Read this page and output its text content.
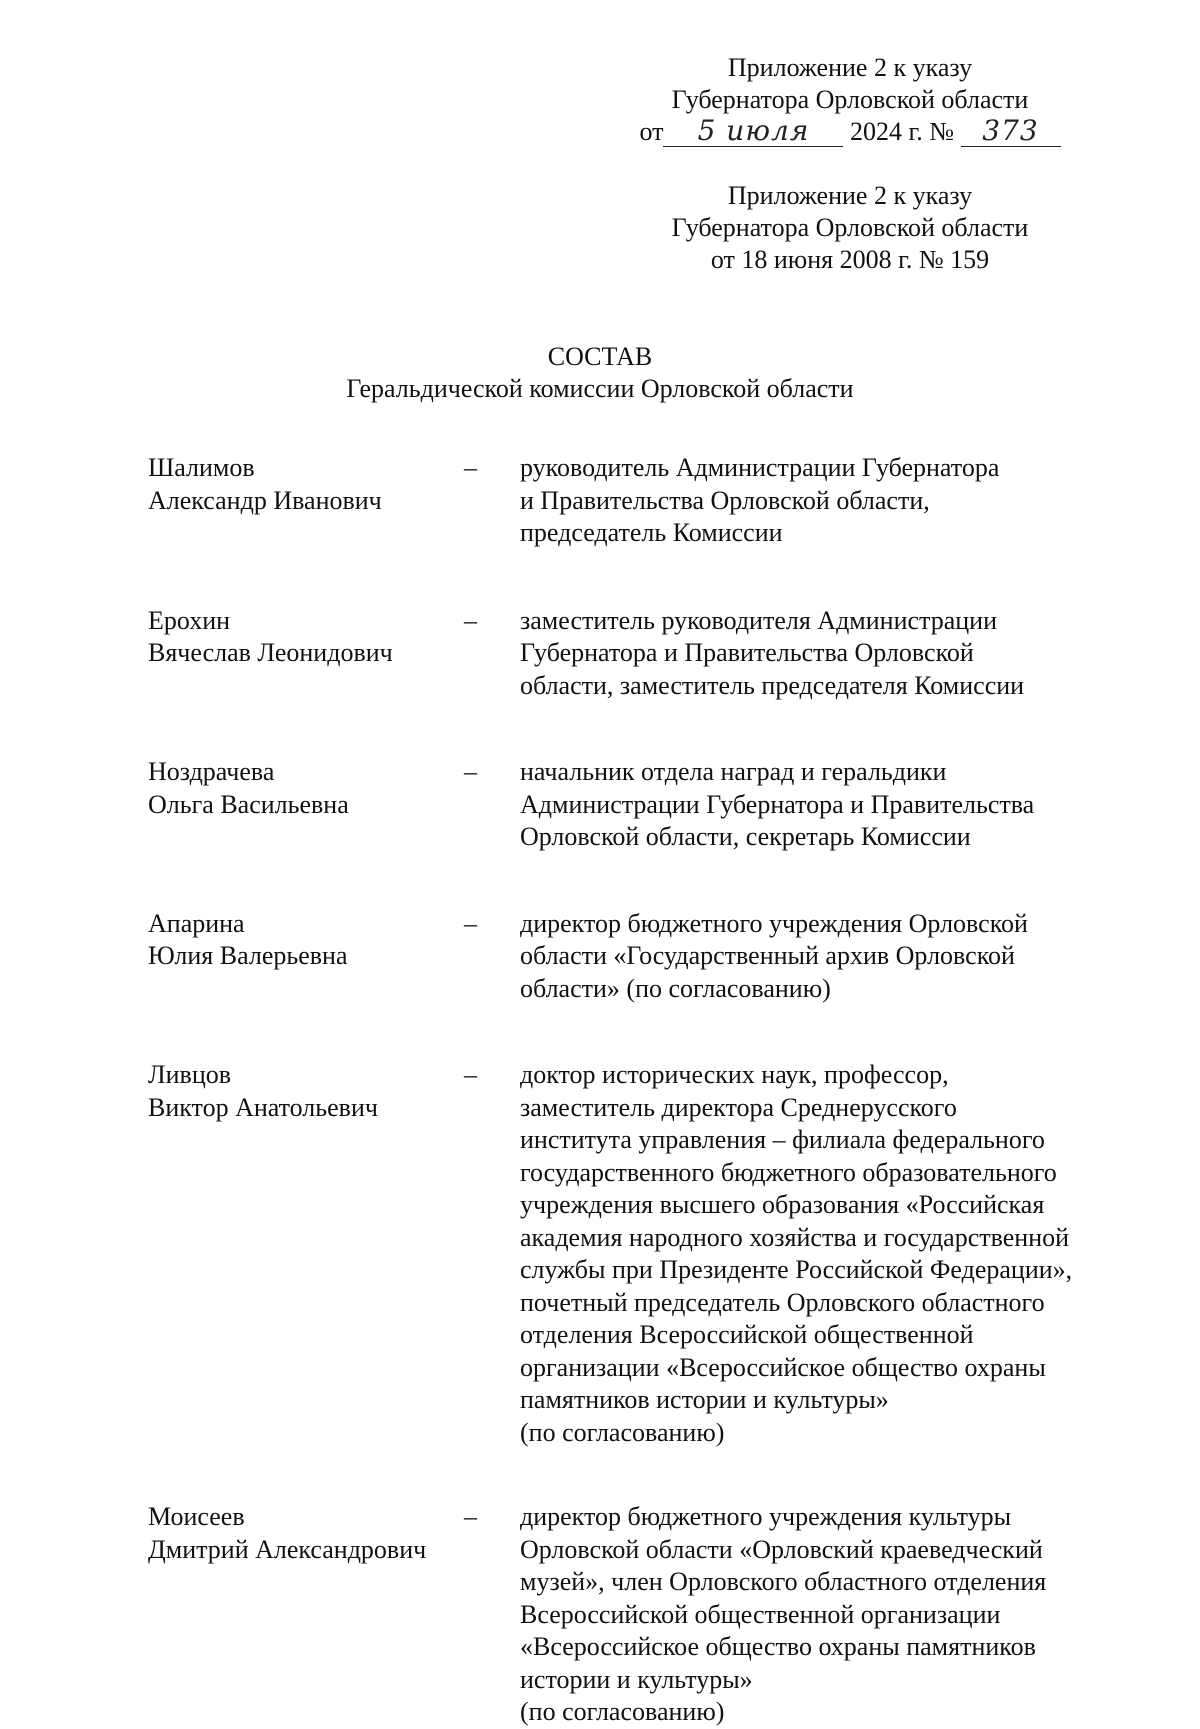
Приложение 2 к указу
Губернатора Орловской области
от 5 июля 2024 г. № 373
Приложение 2 к указу
Губернатора Орловской области
от 18 июня 2008 г. № 159
СОСТАВ
Геральдической комиссии Орловской области
Шалимов
Александр Иванович
–	руководитель Администрации Губернатора
и Правительства Орловской области,
председатель Комиссии
Ерохин
Вячеслав Леонидович
–	заместитель руководителя Администрации
Губернатора и Правительства Орловской
области, заместитель председателя Комиссии
Ноздрачева
Ольга Васильевна
–	начальник отдела наград и геральдики
Администрации Губернатора и Правительства
Орловской области, секретарь Комиссии
Апарина
Юлия Валерьевна
–	директор бюджетного учреждения Орловской
области «Государственный архив Орловской
области» (по согласованию)
Ливцов
Виктор Анатольевич
–	доктор исторических наук, профессор,
заместитель директора Среднерусского
института управления – филиала федерального
государственного бюджетного образовательного
учреждения высшего образования «Российская
академия народного хозяйства и государственной
службы при Президенте Российской Федерации»,
почетный председатель Орловского областного
отделения Всероссийской общественной
организации «Всероссийское общество охраны
памятников истории и культуры»
(по согласованию)
Моисеев
Дмитрий Александрович
–	директор бюджетного учреждения культуры
Орловской области «Орловский краеведческий
музей», член Орловского областного отделения
Всероссийской общественной организации
«Всероссийское общество охраны памятников
истории и культуры»
(по согласованию)
